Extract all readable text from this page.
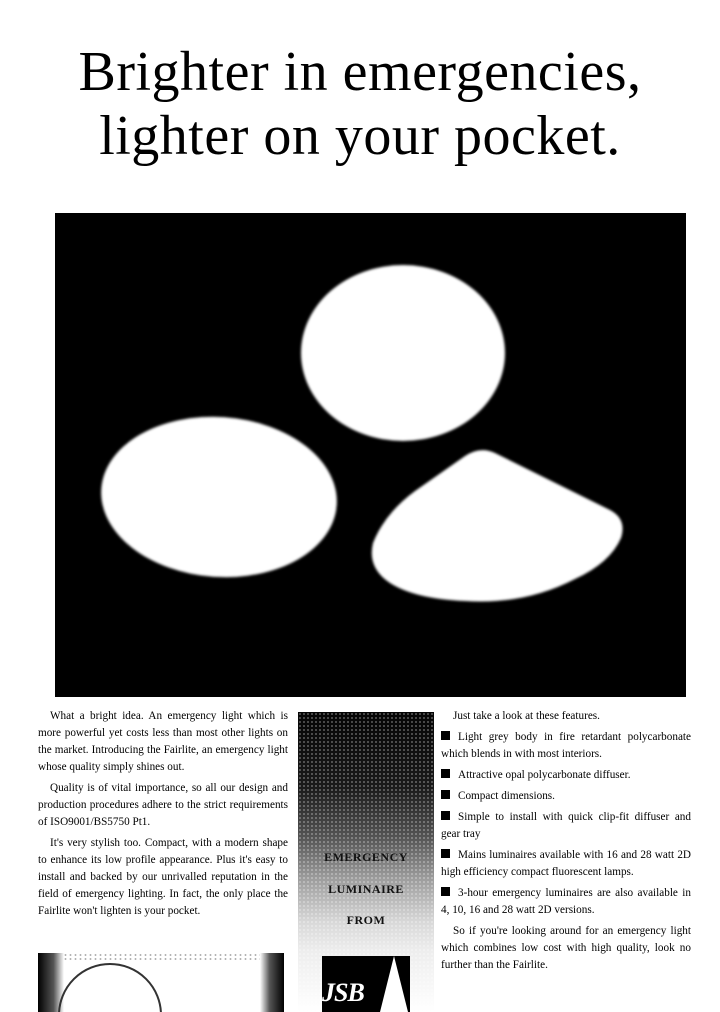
Brighter in emergencies,
lighter on your pocket.

What a bright idea. An emergency light which is more powerful yet costs less than most other lights on the market. Introducing the Fairlite, an emergency light whose quality simply shines out.

Quality is of vital importance, so all our design and production procedures adhere to the strict requirements of ISO9001/BS5750 Pt1.

It's very stylish too. Compact, with a modern shape to enhance its low profile appearance. Plus it's easy to install and backed by our unrivalled reputation in the field of emergency lighting. In fact, the only place the Fairlite won't lighten is your pocket.

EMERGENCY
LUMINAIRE
FROM
JSB

Just take a look at these features.

Light grey body in fire retardant polycarbonate which blends in with most interiors.
Attractive opal polycarbonate diffuser.
Compact dimensions.
Simple to install with quick clip-fit diffuser and gear tray
Mains luminaires available with 16 and 28 watt 2D high efficiency compact fluorescent lamps.
3-hour emergency luminaires are also available in 4, 10, 16 and 28 watt 2D versions.

So if you're looking around for an emergency light which combines low cost with high quality, look no further than the Fairlite.
